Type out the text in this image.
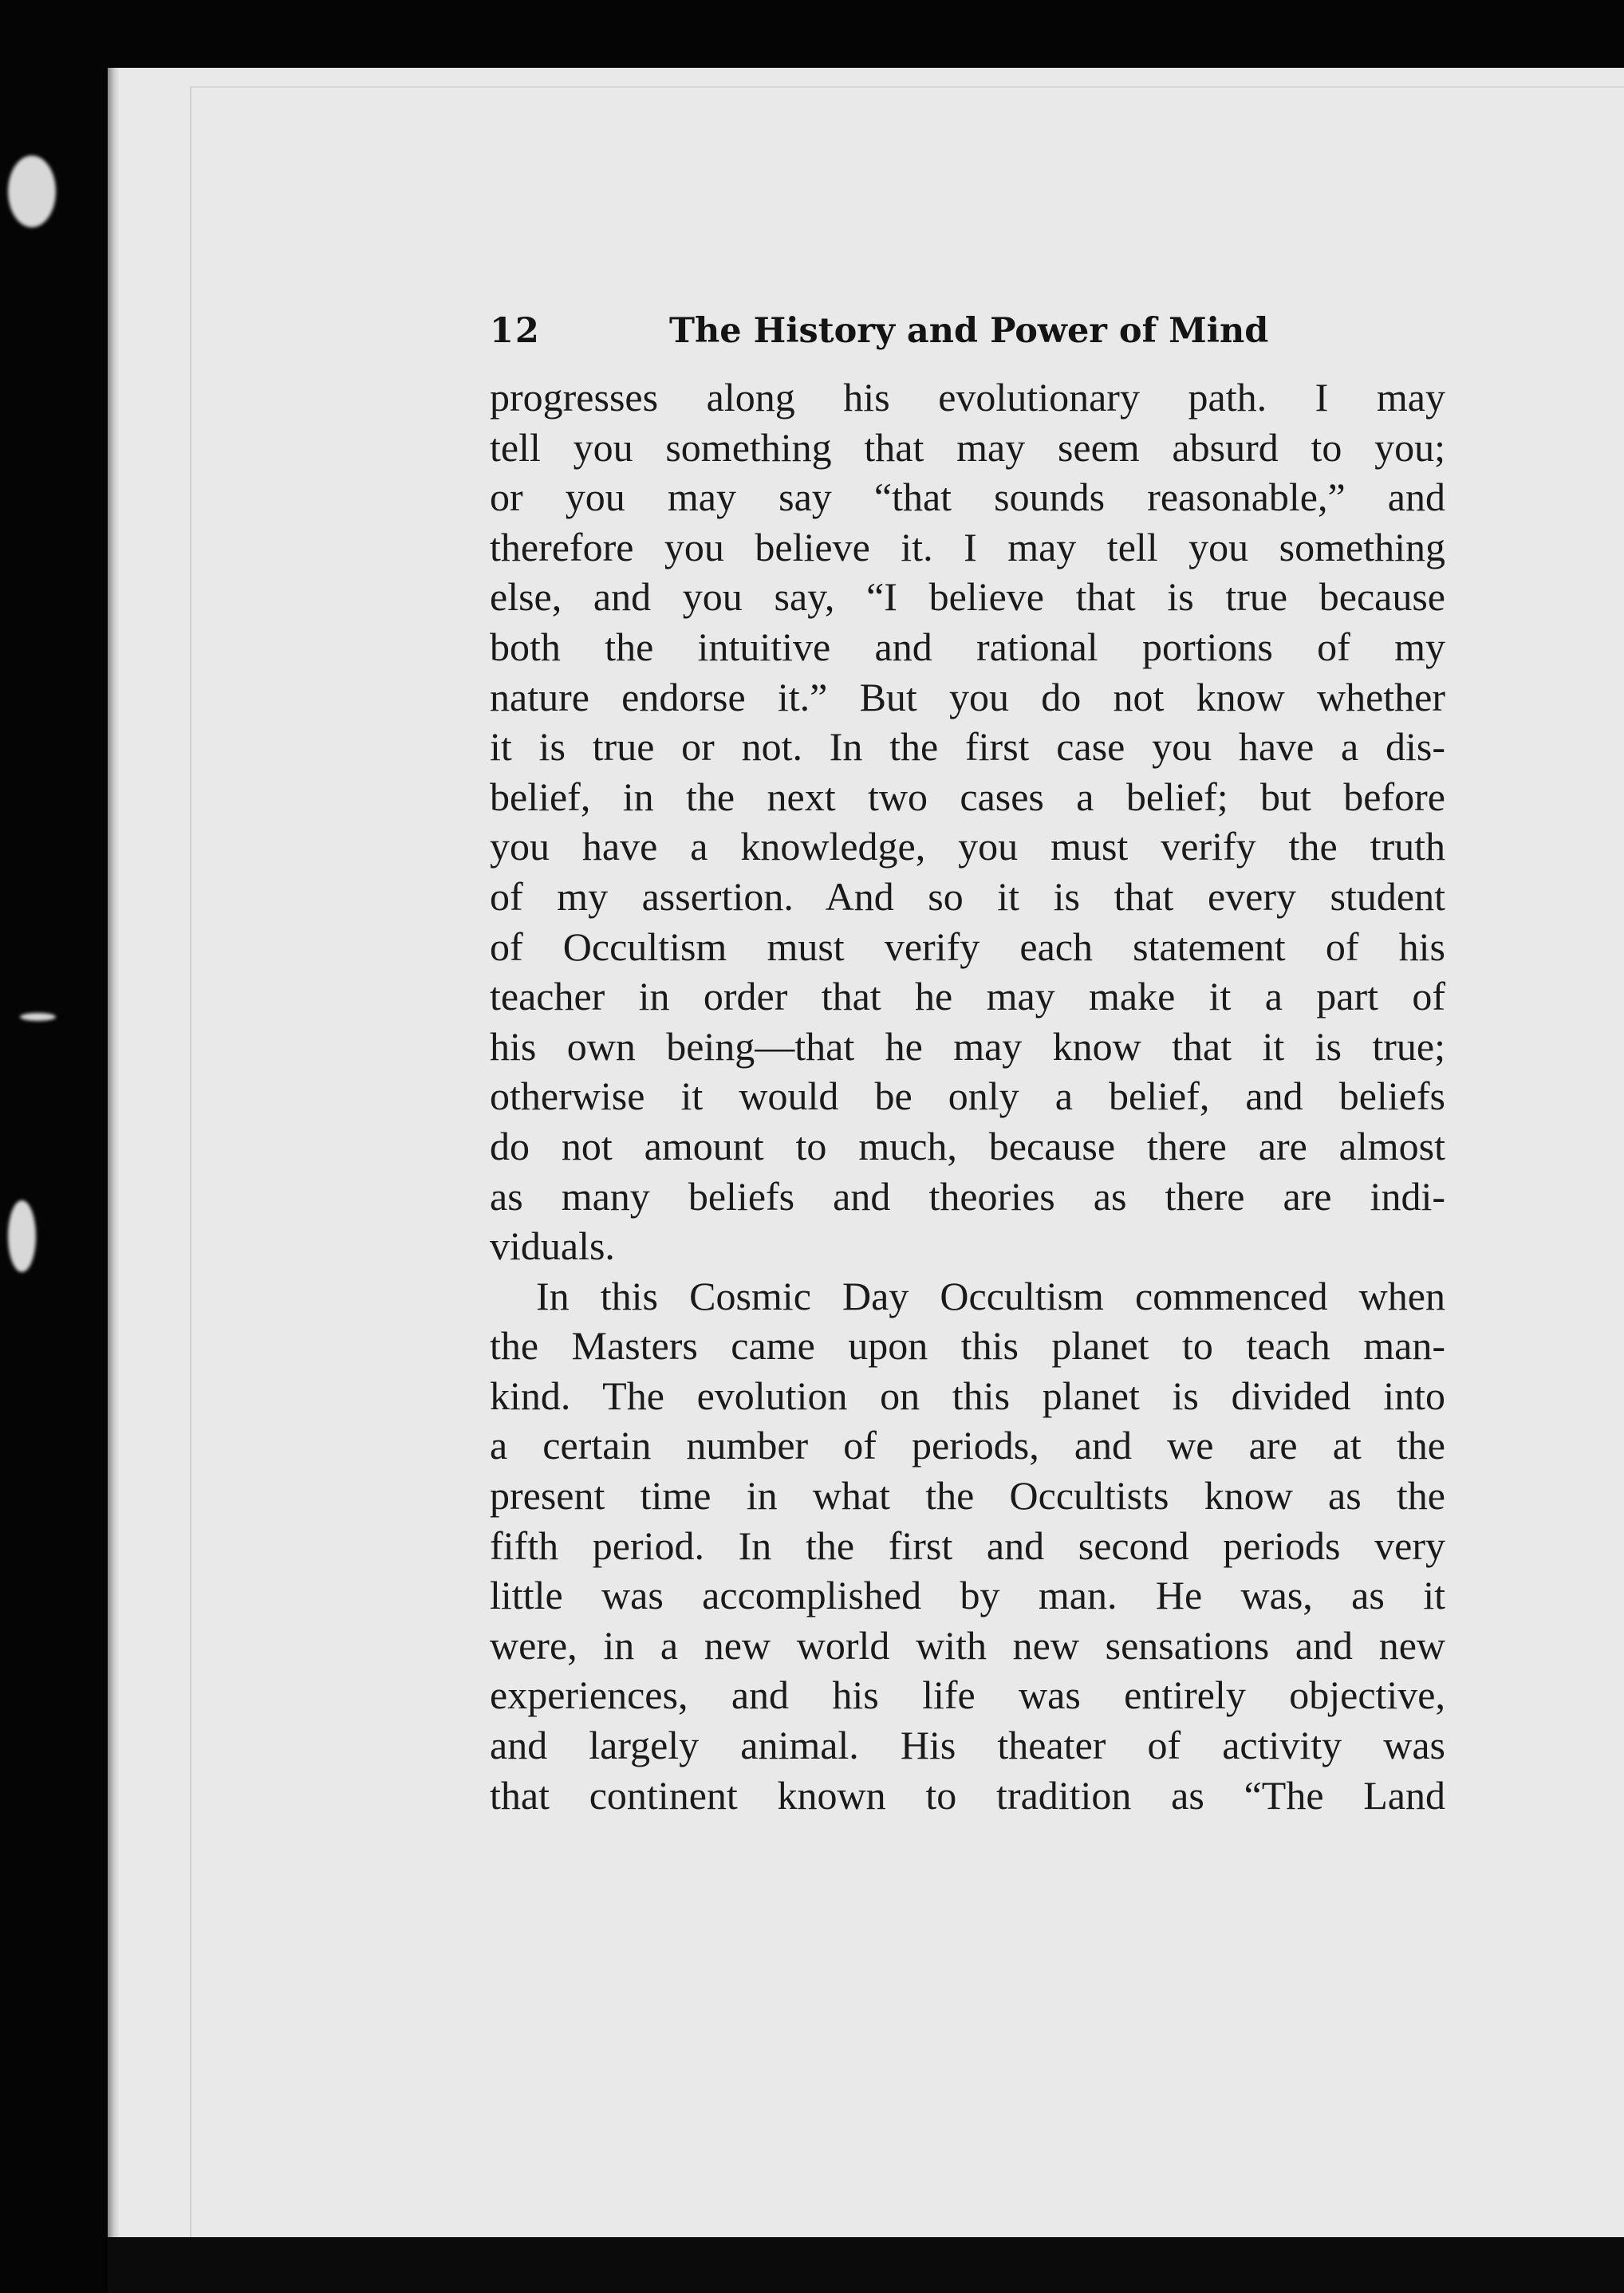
12	The History and Power of Mind
progresses along his evolutionary path. I may
tell you something that may seem absurd to you;
or you may say “that sounds reasonable,” and
therefore you believe it. I may tell you something
else, and you say, “I believe that is true because
both the intuitive and rational portions of my
nature endorse it.” But you do not know whether
it is true or not. In the first case you have a dis-
belief, in the next two cases a belief; but before
you have a knowledge, you must verify the truth
of my assertion. And so it is that every student
of Occultism must verify each statement of his
teacher in order that he may make it a part of
his own being—that he may know that it is true;
otherwise it would be only a belief, and beliefs
do not amount to much, because there are almost
as many beliefs and theories as there are indi-
viduals.
In this Cosmic Day Occultism commenced when
the Masters came upon this planet to teach man-
kind. The evolution on this planet is divided into
a certain number of periods, and we are at the
present time in what the Occultists know as the
fifth period. In the first and second periods very
little was accomplished by man. He was, as it
were, in a new world with new sensations and new
experiences, and his life was entirely objective,
and largely animal. His theater of activity was
that continent known to tradition as “The Land
